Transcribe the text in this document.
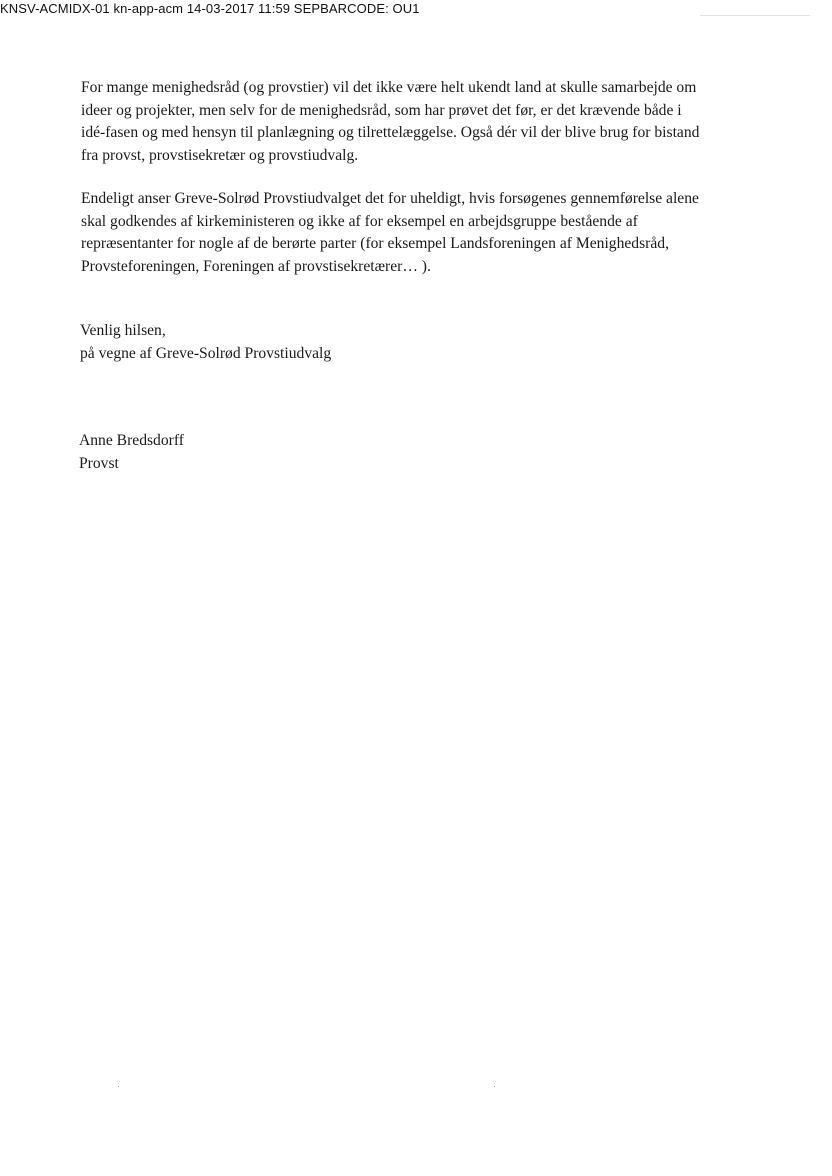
KNSV-ACMIDX-01 kn-app-acm 14-03-2017 11:59 SEPBARCODE: OU1

For mange menighedsråd (og provstier) vil det ikke være helt ukendt land at skulle samarbejde om
ideer og projekter, men selv for de menighedsråd, som har prøvet det før, er det krævende både i
idé-fasen og med hensyn til planlægning og tilrettelæggelse. Også dér vil der blive brug for bistand
fra provst, provstisekretær og provstiudvalg.

Endeligt anser Greve-Solrød Provstiudvalget det for uheldigt, hvis forsøgenes gennemførelse alene
skal godkendes af kirkeministeren og ikke af for eksempel en arbejdsgruppe bestående af
repræsentanter for nogle af de berørte parter (for eksempel Landsforeningen af Menighedsråd,
Provsteforeningen, Foreningen af provstisekretærer… ).

Venlig hilsen,
på vegne af Greve-Solrød Provstiudvalg
Anne Bredsdorff
Provst
